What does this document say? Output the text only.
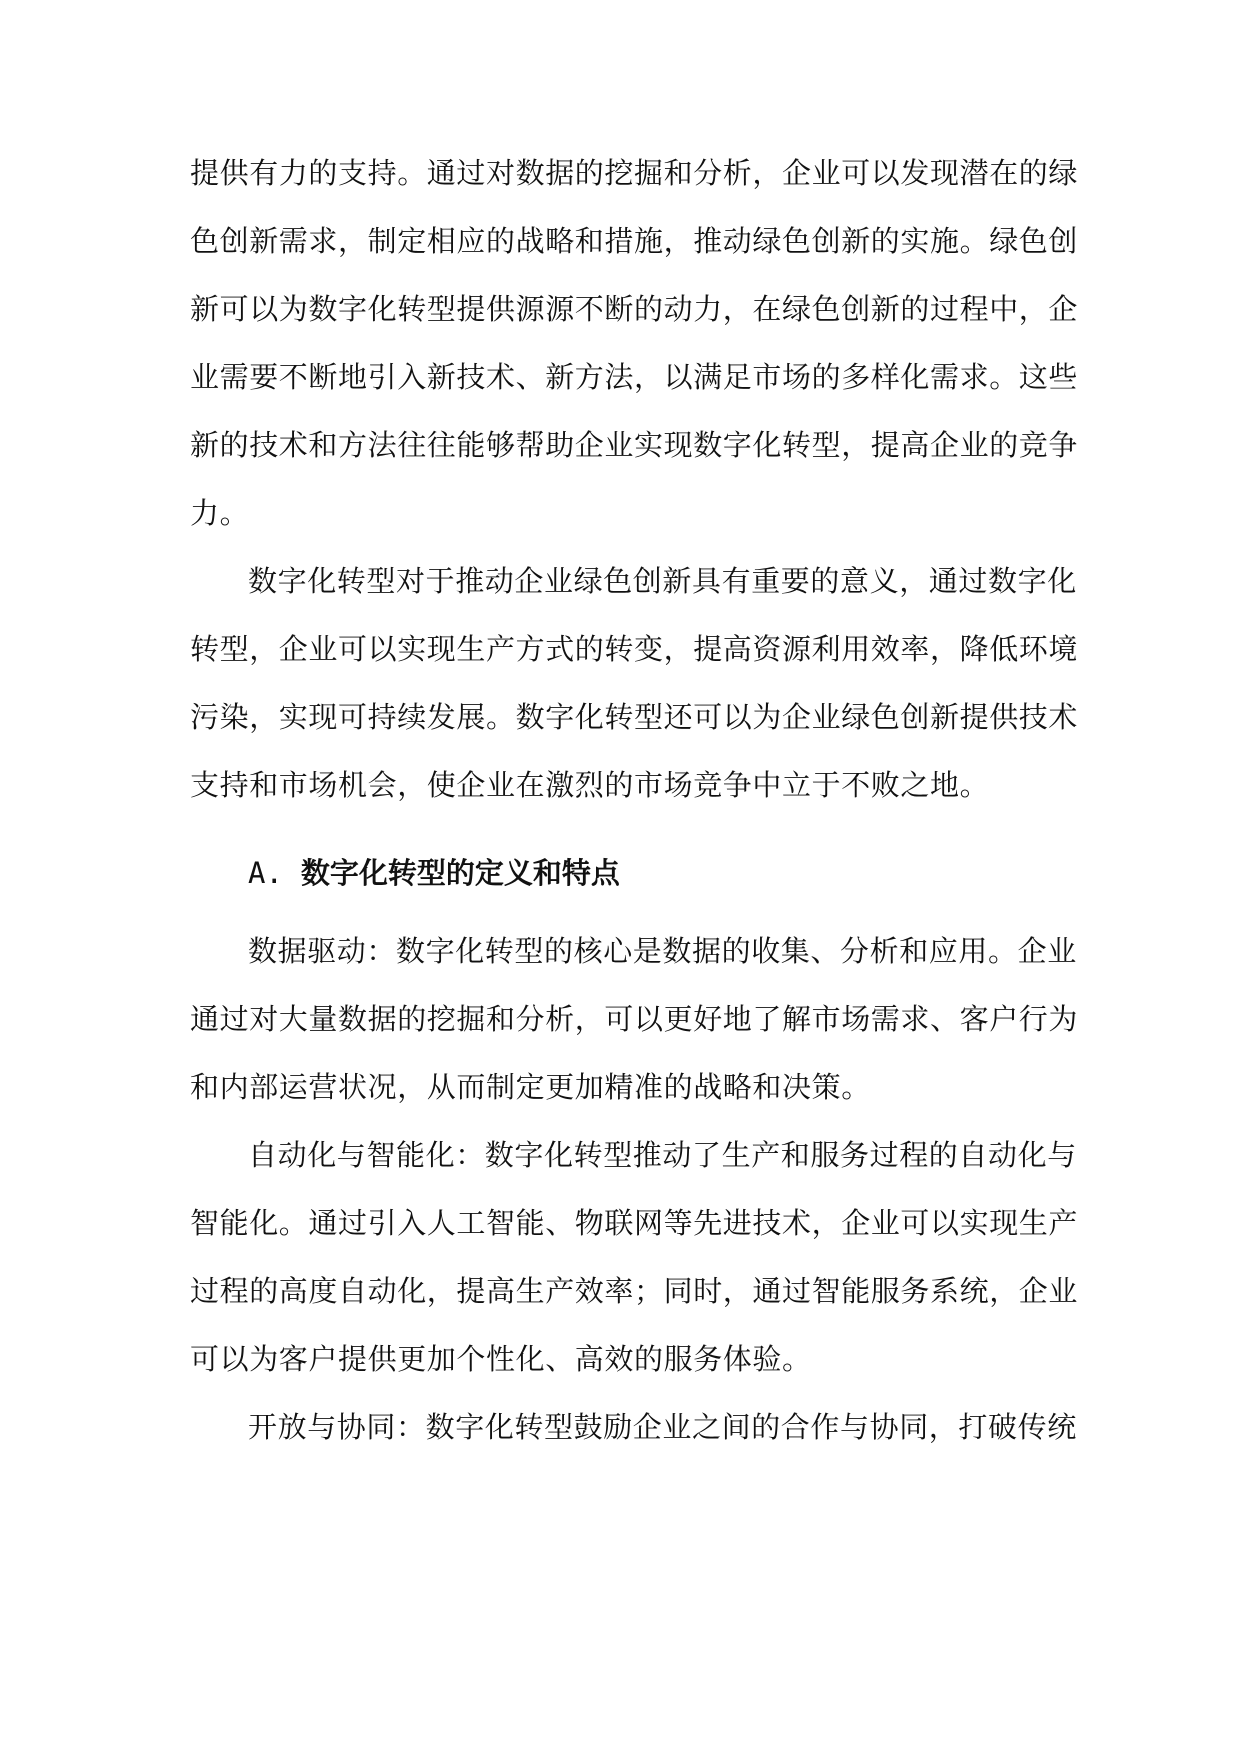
提供有力的支持。通过对数据的挖掘和分析，企业可以发现潜在的绿
色创新需求，制定相应的战略和措施，推动绿色创新的实施。绿色创
新可以为数字化转型提供源源不断的动力，在绿色创新的过程中，企
业需要不断地引入新技术、新方法，以满足市场的多样化需求。这些
新的技术和方法往往能够帮助企业实现数字化转型，提高企业的竞争
力。
数字化转型对于推动企业绿色创新具有重要的意义，通过数字化
转型，企业可以实现生产方式的转变，提高资源利用效率，降低环境
污染，实现可持续发展。数字化转型还可以为企业绿色创新提供技术
支持和市场机会，使企业在激烈的市场竞争中立于不败之地。
A. 数字化转型的定义和特点
数据驱动：数字化转型的核心是数据的收集、分析和应用。企业
通过对大量数据的挖掘和分析，可以更好地了解市场需求、客户行为
和内部运营状况，从而制定更加精准的战略和决策。
自动化与智能化：数字化转型推动了生产和服务过程的自动化与
智能化。通过引入人工智能、物联网等先进技术，企业可以实现生产
过程的高度自动化，提高生产效率；同时，通过智能服务系统，企业
可以为客户提供更加个性化、高效的服务体验。
开放与协同：数字化转型鼓励企业之间的合作与协同，打破传统
